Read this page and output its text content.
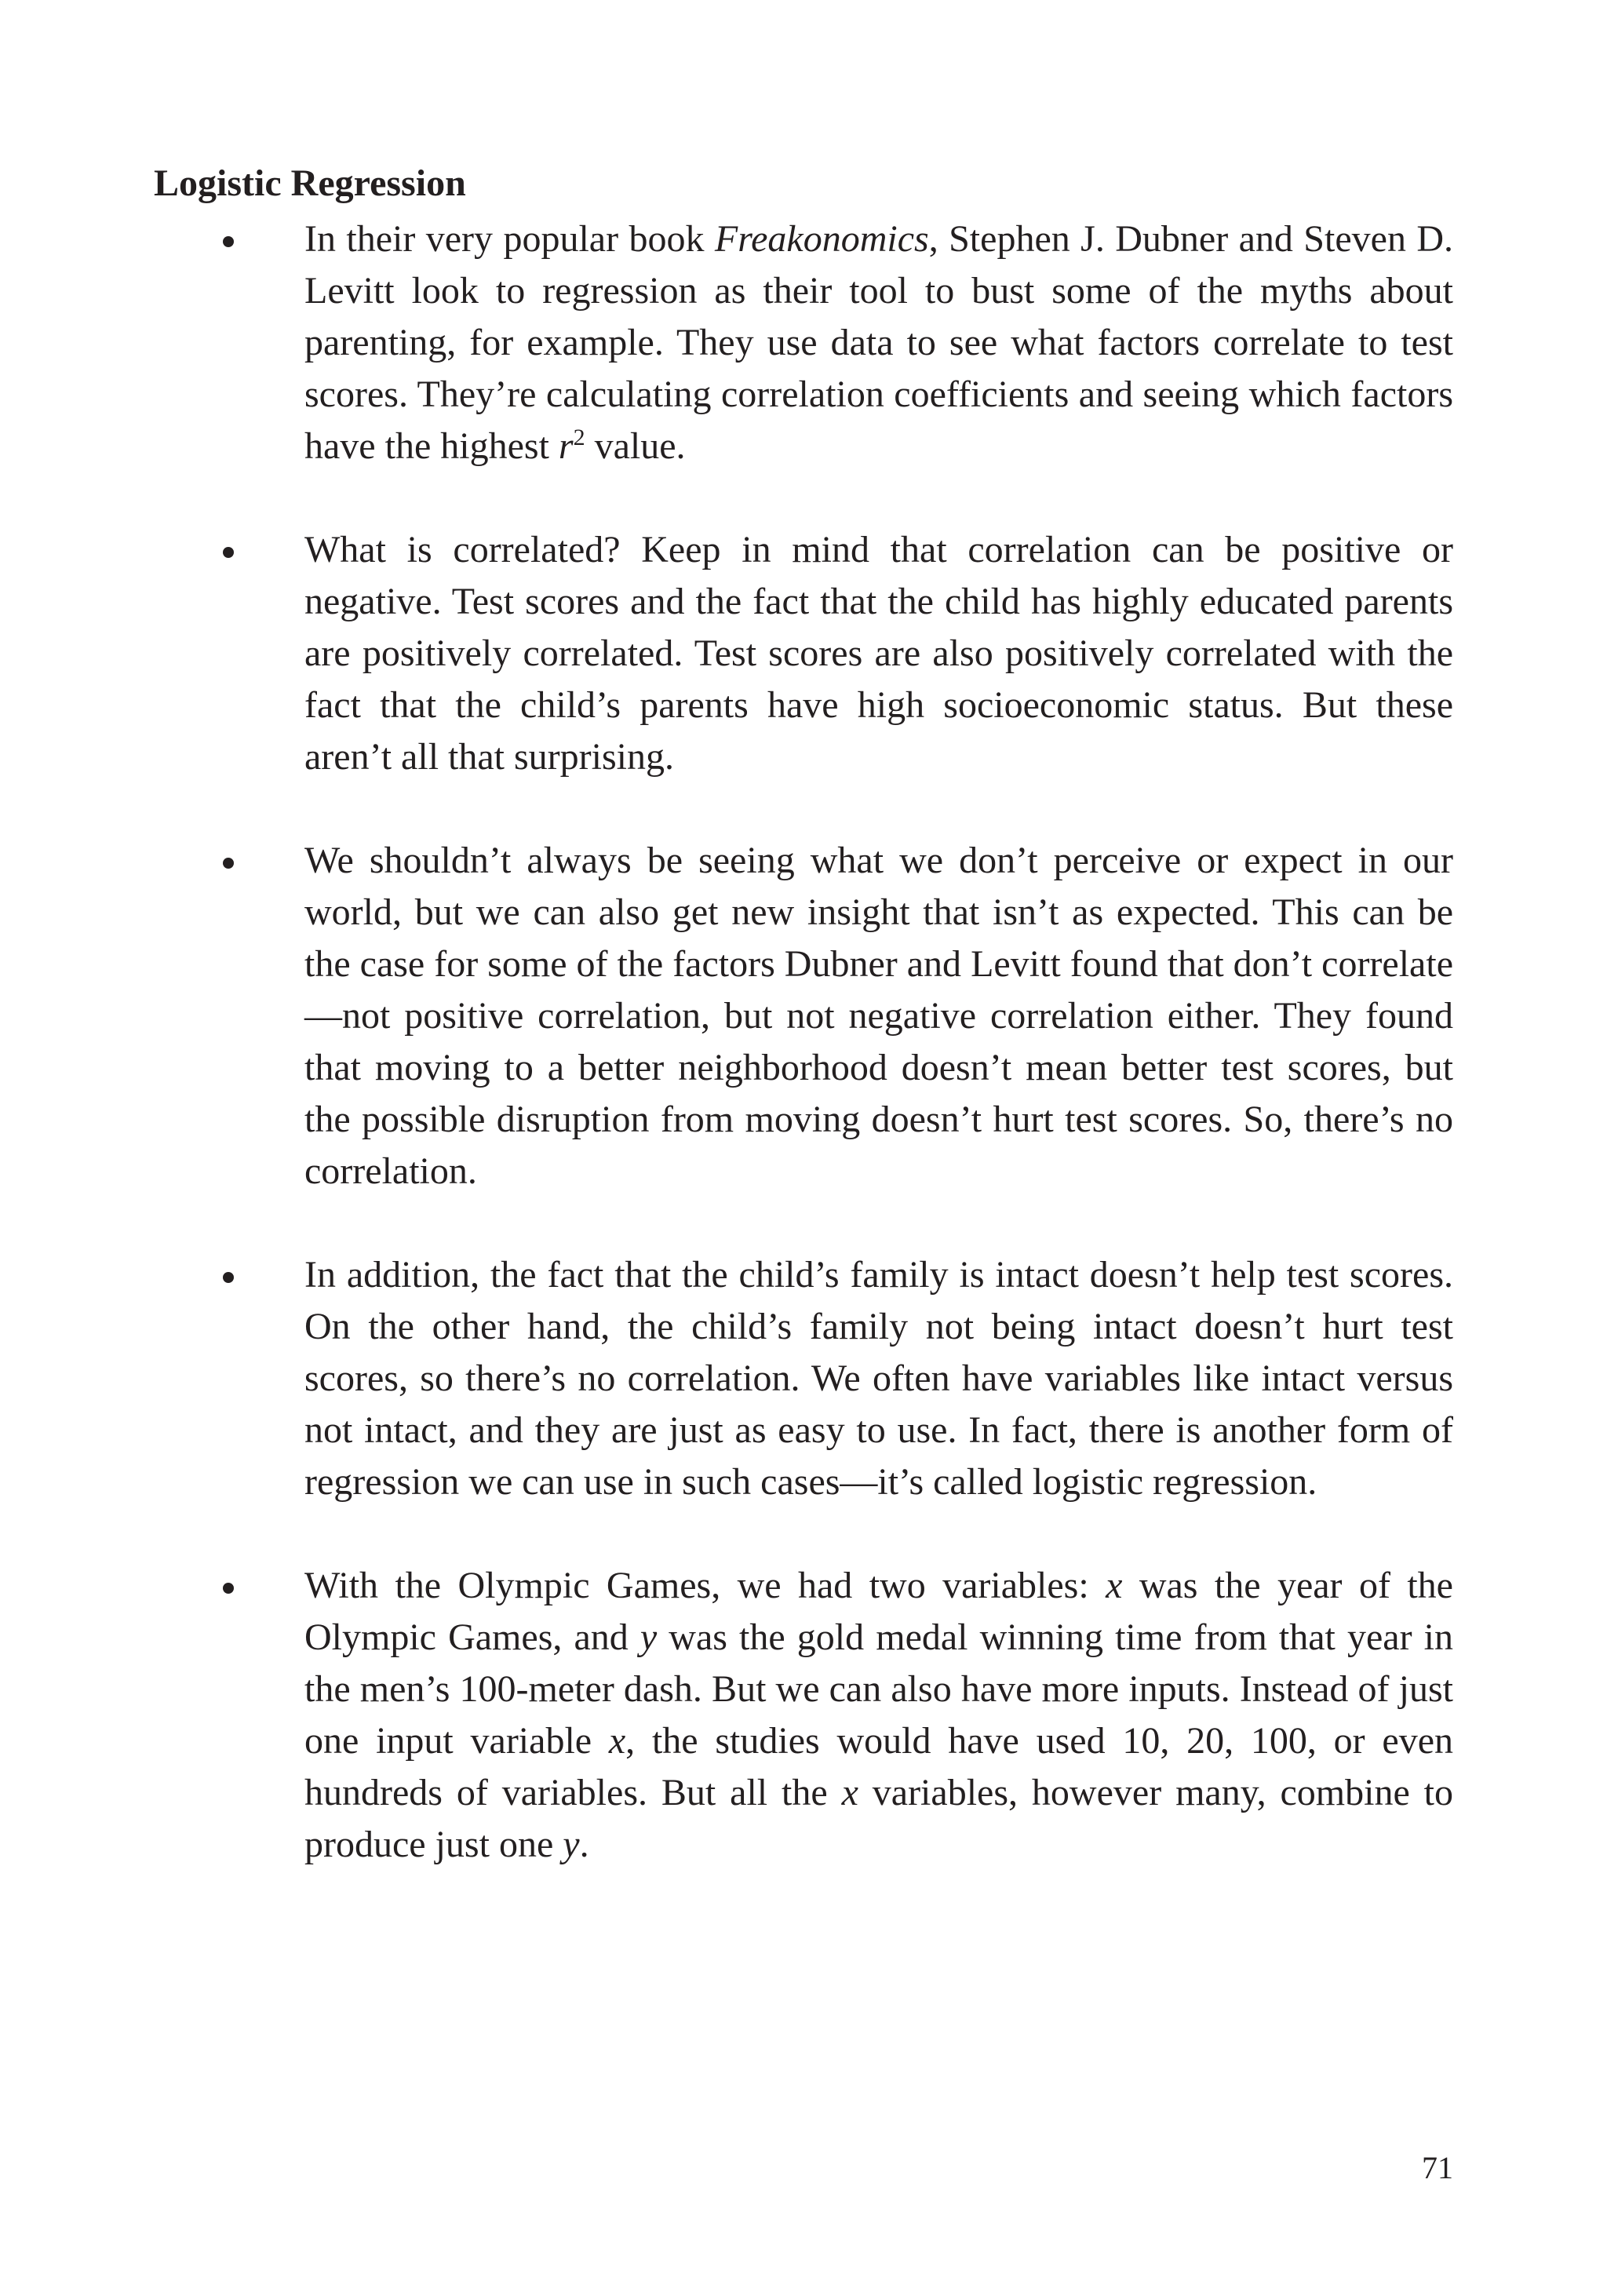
Logistic Regression
In their very popular book Freakonomics, Stephen J. Dubner and Steven D. Levitt look to regression as their tool to bust some of the myths about parenting, for example. They use data to see what factors correlate to test scores. They’re calculating correlation coefficients and seeing which factors have the highest $r^2$ value.
What is correlated? Keep in mind that correlation can be positive or negative. Test scores and the fact that the child has highly educated parents are positively correlated. Test scores are also positively correlated with the fact that the child’s parents have high socioeconomic status. But these aren’t all that surprising.
We shouldn’t always be seeing what we don’t perceive or expect in our world, but we can also get new insight that isn’t as expected. This can be the case for some of the factors Dubner and Levitt found that don’t correlate—not positive correlation, but not negative correlation either. They found that moving to a better neighborhood doesn’t mean better test scores, but the possible disruption from moving doesn’t hurt test scores. So, there’s no correlation.
In addition, the fact that the child’s family is intact doesn’t help test scores. On the other hand, the child’s family not being intact doesn’t hurt test scores, so there’s no correlation. We often have variables like intact versus not intact, and they are just as easy to use. In fact, there is another form of regression we can use in such cases—it’s called logistic regression.
With the Olympic Games, we had two variables: x was the year of the Olympic Games, and y was the gold medal winning time from that year in the men’s 100-meter dash. But we can also have more inputs. Instead of just one input variable x, the studies would have used 10, 20, 100, or even hundreds of variables. But all the x variables, however many, combine to produce just one y.
71
